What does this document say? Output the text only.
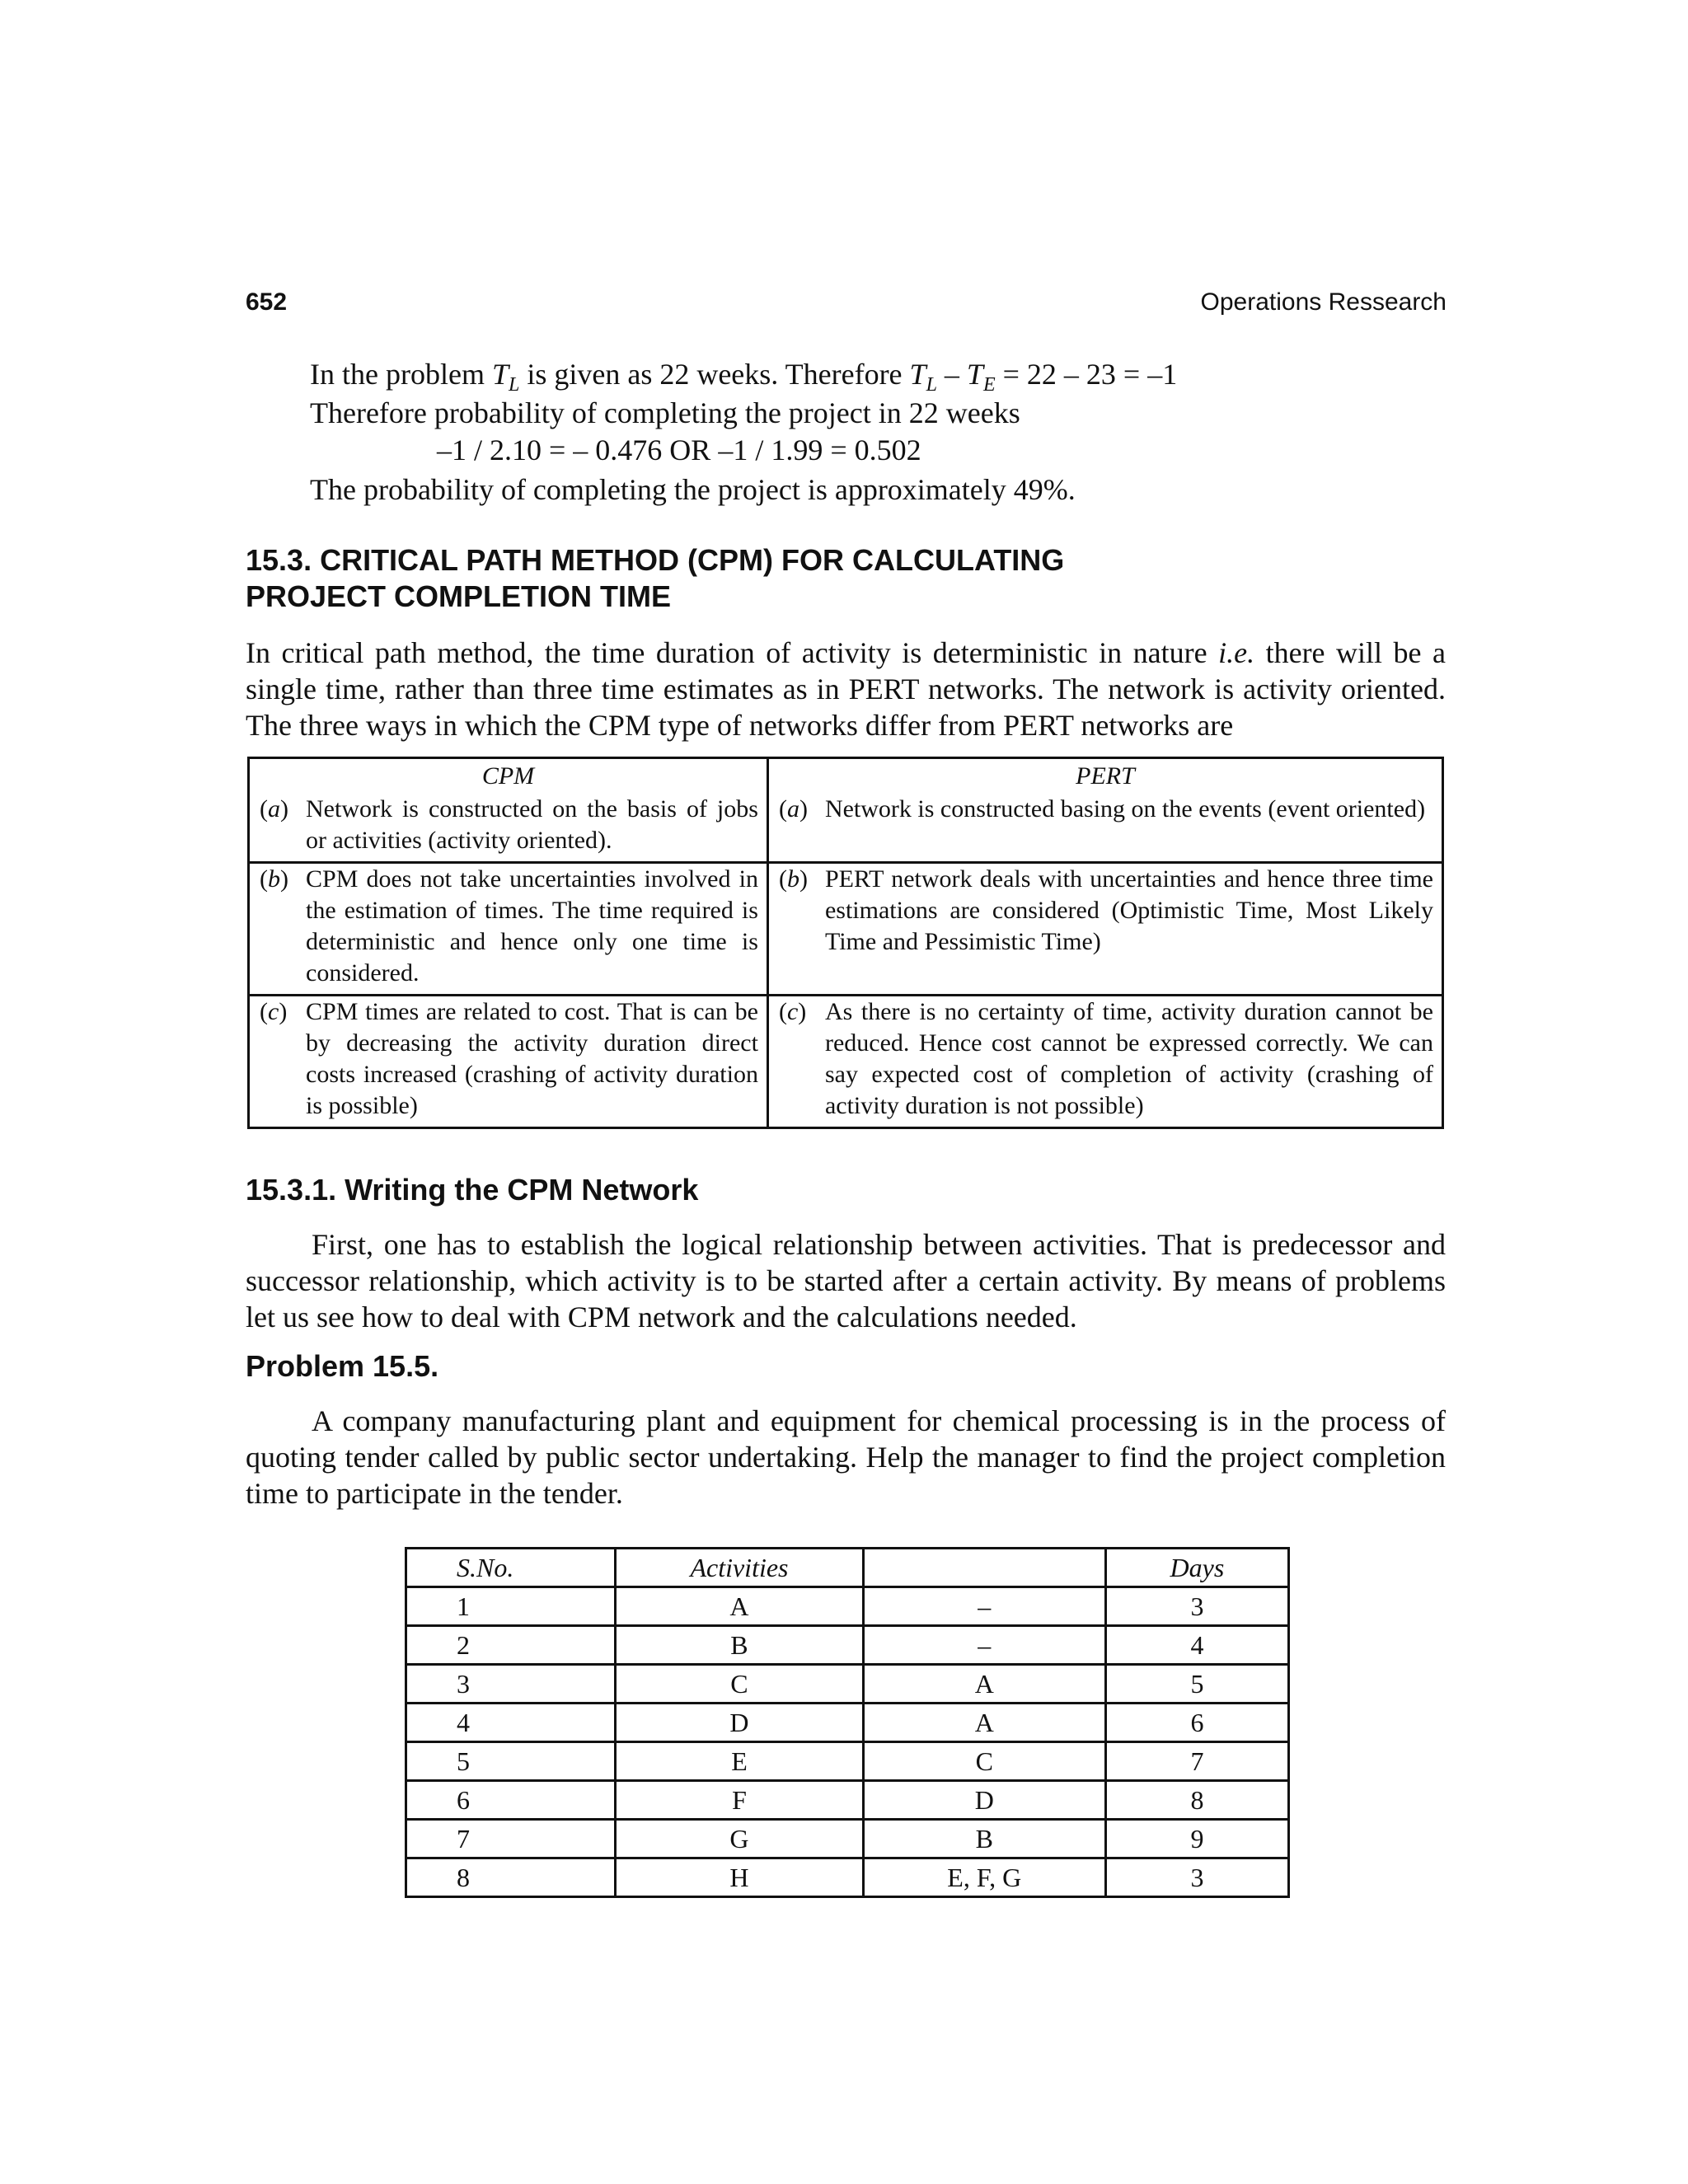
652	Operations Ressearch

In the problem $T_L$ is given as 22 weeks. Therefore $T_L - T_E = 22 - 23 = -1$

Therefore probability of completing the project in 22 weeks

–1 / 2.10 = – 0.476 OR –1 / 1.99 = 0.502

The probability of completing the project is approximately 49%.

15.3. CRITICAL PATH METHOD (CPM) FOR CALCULATING
PROJECT COMPLETION TIME

In critical path method, the time duration of activity is deterministic in nature i.e. there will be a single time, rather than three time estimates as in PERT networks. The network is activity oriented. The three ways in which the CPM type of networks differ from PERT networks are

CPM		PERT	
(a)	Network is constructed on the basis of jobs or activities (activity oriented).	(a)	Network is constructed basing on the events (event oriented)
(b)	CPM does not take uncertainties involved in the estimation of times. The time required is deterministic and hence only one time is considered.	(b)	PERT network deals with uncertainties and hence three time estimations are considered (Optimistic Time, Most Likely Time and Pessimistic Time)
(c)	CPM times are related to cost. That is can be by decreasing the activity duration direct costs increased (crashing of activity duration is possible)	(c)	As there is no certainty of time, activity duration cannot be reduced. Hence cost cannot be expressed correctly. We can say expected cost of completion of activity (crashing of activity duration is not possible)
15.3.1. Writing the CPM Network

First, one has to establish the logical relationship between activities. That is predecessor and successor relationship, which activity is to be started after a certain activity. By means of problems let us see how to deal with CPM network and the calculations needed.

Problem 15.5.

A company manufacturing plant and equipment for chemical processing is in the process of quoting tender called by public sector undertaking. Help the manager to find the project completion time to participate in the tender.

S.No.	Activities		Days
1	A	–	3
2	B	–	4
3	C	A	5
4	D	A	6
5	E	C	7
6	F	D	8
7	G	B	9
8	H	E, F, G	3
